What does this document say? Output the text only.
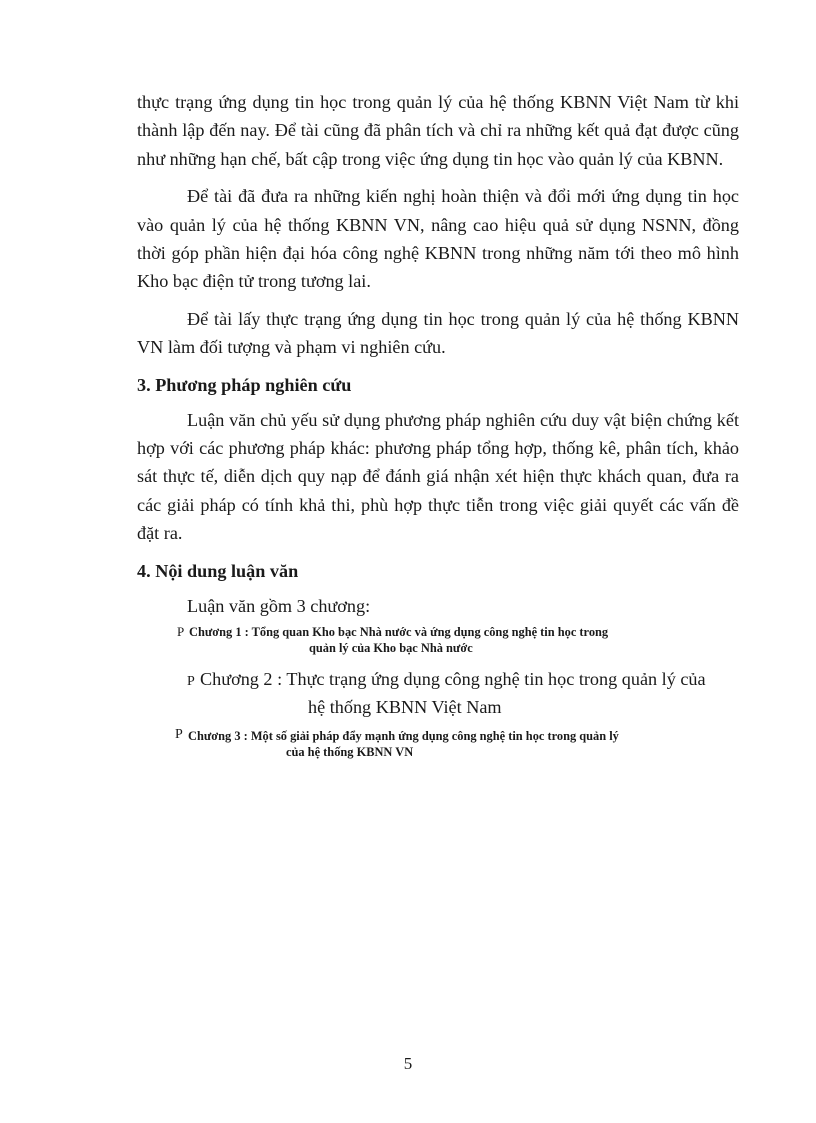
thực trạng ứng dụng tin học trong quản lý của hệ thống KBNN Việt Nam từ khi thành lập đến nay. Để tài cũng đã phân tích và chỉ ra những kết quả đạt được cũng như những hạn chế, bất cập trong việc ứng dụng tin học vào quản lý của KBNN.

Để tài đã đưa ra những kiến nghị hoàn thiện và đổi mới ứng dụng tin học vào quản lý của hệ thống KBNN VN, nâng cao hiệu quả sử dụng NSNN, đồng thời góp phần hiện đại hóa công nghệ KBNN trong những năm tới theo mô hình Kho bạc điện tử trong tương lai.

Để tài lấy thực trạng ứng dụng tin học trong quản lý của hệ thống KBNN VN làm đối tượng và phạm vi nghiên cứu.

3. Phương pháp nghiên cứu

Luận văn chủ yếu sử dụng phương pháp nghiên cứu duy vật biện chứng kết hợp với các phương pháp khác: phương pháp tổng hợp, thống kê, phân tích, khảo sát thực tế, diễn dịch quy nạp để đánh giá nhận xét hiện thực khách quan, đưa ra các giải pháp có tính khả thi, phù hợp thực tiễn trong việc giải quyết các vấn đề đặt ra.

4. Nội dung luận văn
Luận văn gồm 3 chương:
P Chương 1 : Tổng quan Kho bạc Nhà nước và ứng dụng công nghệ tin học trong
quản lý của Kho bạc Nhà nước
P Chương 2 : Thực trạng ứng dụng công nghệ tin học trong quản lý của
hệ thống KBNN Việt Nam
P Chương 3 : Một số giải pháp đẩy mạnh ứng dụng công nghệ tin học trong quản lý
của hệ thống KBNN VN
5
